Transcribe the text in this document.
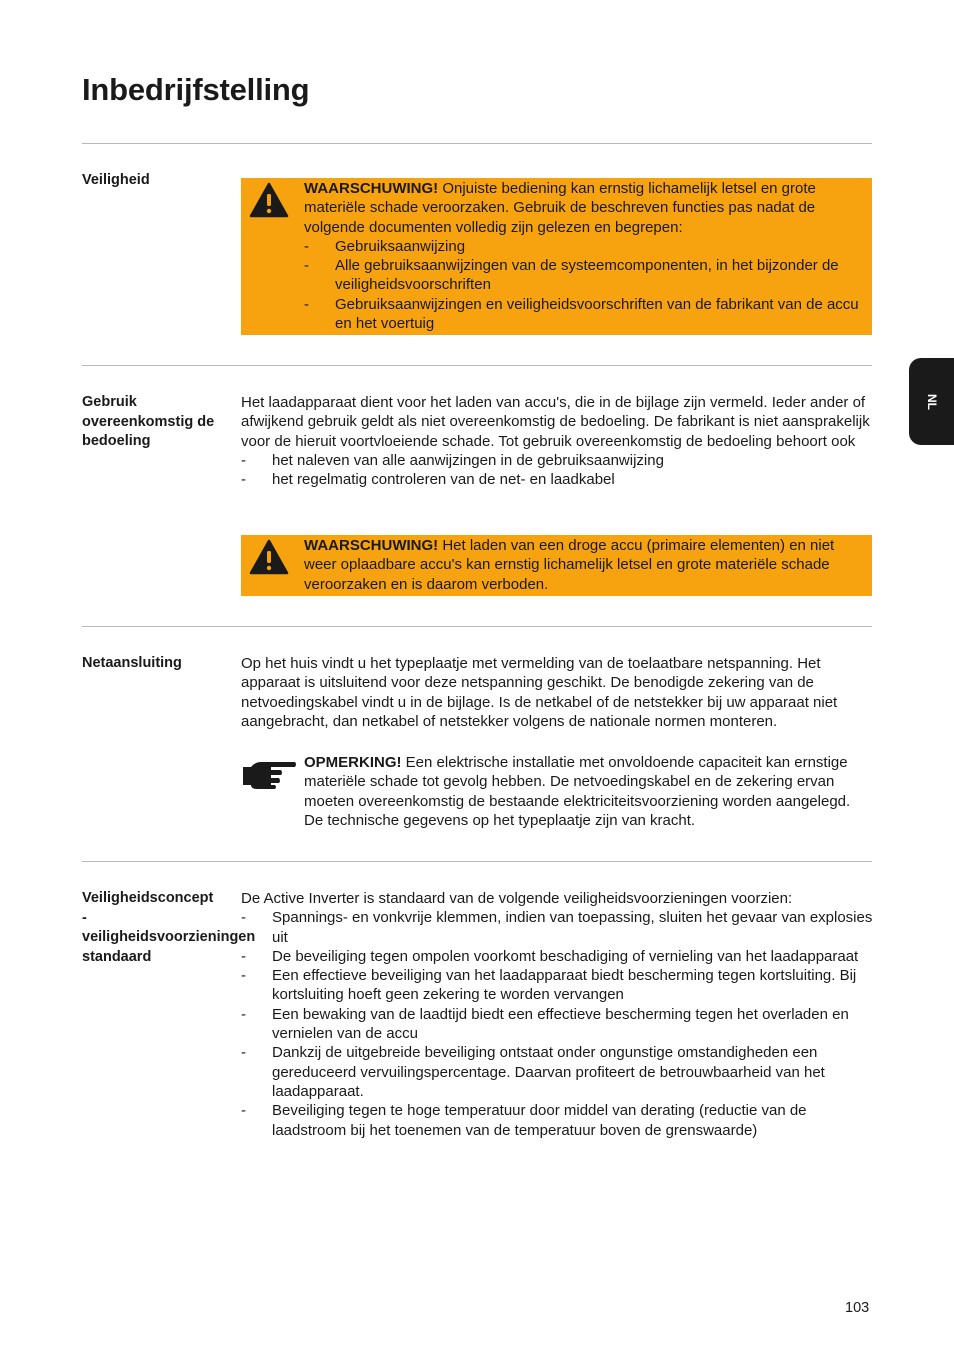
Inbedrijfstelling
Veiligheid	WAARSCHUWING! Onjuiste bediening kan ernstig lichamelijk letsel en grote materiële schade veroorzaken. Gebruik de beschreven functies pas nadat de volgende documenten volledig zijn gelezen en begrepen:

- Gebruiksaanwijzing
- Alle gebruiksaanwijzingen van de systeemcomponenten, in het bijzonder de veiligheidsvoorschriften
- Gebruiksaanwijzingen en veiligheidsvoorschriften van de fabrikant van de accu en het voertuig
Gebruik overeenkomstig de bedoeling

Het laadapparaat dient voor het laden van accu's, die in de bijlage zijn vermeld. Ieder ander of afwijkend gebruik geldt als niet overeenkomstig de bedoeling. De fabrikant is niet aansprakelijk voor de hieruit voortvloeiende schade. Tot gebruik overeenkomstig de bedoeling behoort ook

- het naleven van alle aanwijzingen in de gebruiksaanwijzing
- het regelmatig controleren van de net- en laadkabel

WAARSCHUWING! Het laden van een droge accu (primaire elementen) en niet weer oplaadbare accu's kan ernstig lichamelijk letsel en grote materiële schade veroorzaken en is daarom verboden.

Netaansluiting	Op het huis vindt u het typeplaatje met vermelding van de toelaatbare netspanning. Het apparaat is uitsluitend voor deze netspanning geschikt. De benodigde zekering van de netvoedingskabel vindt u in de bijlage. Is de netkabel of de netstekker bij uw apparaat niet aangebracht, dan netkabel of netstekker volgens de nationale normen monteren.

OPMERKING! Een elektrische installatie met onvoldoende capaciteit kan ernstige materiële schade tot gevolg hebben. De netvoedingskabel en de zekering ervan moeten overeenkomstig de bestaande elektriciteitsvoorziening worden aangelegd. De technische gegevens op het typeplaatje zijn van kracht.

Veiligheidsconcept - veiligheidsvoorzieningen standaard

De Active Inverter is standaard van de volgende veiligheidsvoorzieningen voorzien:

- Spannings- en vonkvrije klemmen, indien van toepassing, sluiten het gevaar van explosies uit
- De beveiliging tegen ompolen voorkomt beschadiging of vernieling van het laadapparaat
- Een effectieve beveiliging van het laadapparaat biedt bescherming tegen kortsluiting. Bij kortsluiting hoeft geen zekering te worden vervangen
- Een bewaking van de laadtijd biedt een effectieve bescherming tegen het overladen en vernielen van de accu
- Dankzij de uitgebreide beveiliging ontstaat onder ongunstige omstandigheden een gereduceerd vervuilingspercentage. Daarvan profiteert de betrouwbaarheid van het laadapparaat.
- Beveiliging tegen te hoge temperatuur door middel van derating (reductie van de laadstroom bij het toenemen van de temperatuur boven de grenswaarde)
NL
103
